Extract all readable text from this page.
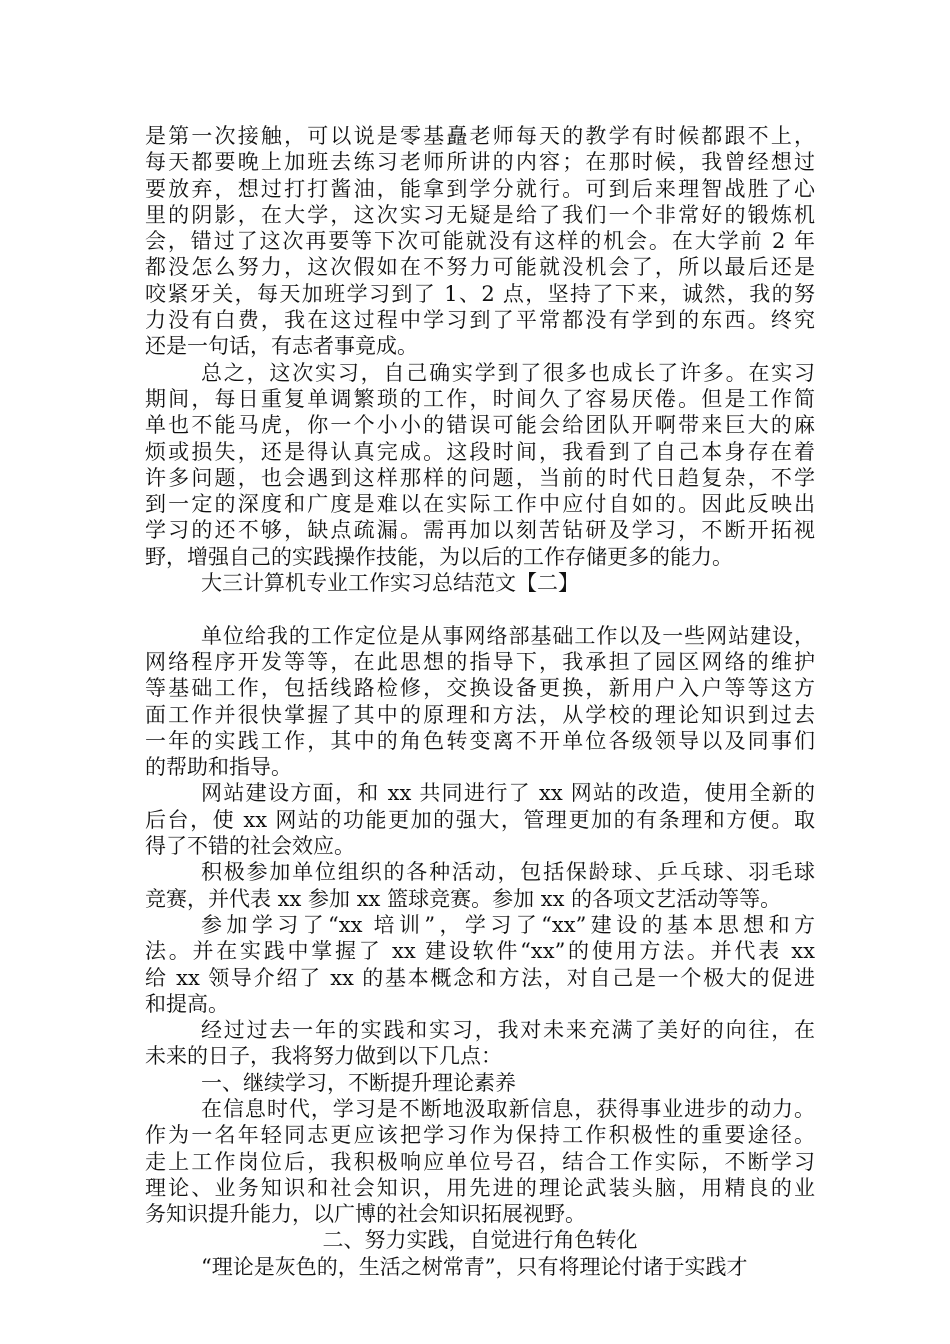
是第一次接触，可以说是零基矗老师每天的教学有时候都跟不上，
每天都要晚上加班去练习老师所讲的内容；在那时候，我曾经想过
要放弃，想过打打酱油，能拿到学分就行。可到后来理智战胜了心
里的阴影，在大学，这次实习无疑是给了我们一个非常好的锻炼机
会，错过了这次再要等下次可能就没有这样的机会。在大学前 2 年
都没怎么努力，这次假如在不努力可能就没机会了，所以最后还是
咬紧牙关，每天加班学习到了 1、2 点，坚持了下来，诚然，我的努
力没有白费，我在这过程中学习到了平常都没有学到的东西。终究
还是一句话，有志者事竟成。
总之，这次实习，自己确实学到了很多也成长了许多。在实习
期间，每日重复单调繁琐的工作，时间久了容易厌倦。但是工作简
单也不能马虎，你一个小小的错误可能会给团队开啊带来巨大的麻
烦或损失，还是得认真完成。这段时间，我看到了自己本身存在着
许多问题，也会遇到这样那样的问题，当前的时代日趋复杂，不学
到一定的深度和广度是难以在实际工作中应付自如的。因此反映出
学习的还不够，缺点疏漏。需再加以刻苦钻研及学习，不断开拓视
野，增强自己的实践操作技能，为以后的工作存储更多的能力。
大三计算机专业工作实习总结范文【二】
单位给我的工作定位是从事网络部基础工作以及一些网站建设，
网络程序开发等等，在此思想的指导下，我承担了园区网络的维护
等基础工作，包括线路检修，交换设备更换，新用户入户等等这方
面工作并很快掌握了其中的原理和方法，从学校的理论知识到过去
一年的实践工作，其中的角色转变离不开单位各级领导以及同事们
的帮助和指导。
网站建设方面，和 xx 共同进行了 xx 网站的改造，使用全新的
后台，使 xx 网站的功能更加的强大，管理更加的有条理和方便。取
得了不错的社会效应。
积极参加单位组织的各种活动，包括保龄球、乒乓球、羽毛球
竞赛，并代表 xx 参加 xx 篮球竞赛。参加 xx 的各项文艺活动等等。
参加学习了“xx 培训”，学习了“xx”建设的基本思想和方
法。并在实践中掌握了 xx 建设软件“xx”的使用方法。并代表 xx
给 xx 领导介绍了 xx 的基本概念和方法，对自己是一个极大的促进
和提高。
经过过去一年的实践和实习，我对未来充满了美好的向往，在
未来的日子，我将努力做到以下几点：
一、继续学习，不断提升理论素养
在信息时代，学习是不断地汲取新信息，获得事业进步的动力。
作为一名年轻同志更应该把学习作为保持工作积极性的重要途径。
走上工作岗位后，我积极响应单位号召，结合工作实际，不断学习
理论、业务知识和社会知识，用先进的理论武装头脑，用精良的业
务知识提升能力，以广博的社会知识拓展视野。
二、努力实践，自觉进行角色转化
“理论是灰色的，生活之树常青”，只有将理论付诸于实践才
